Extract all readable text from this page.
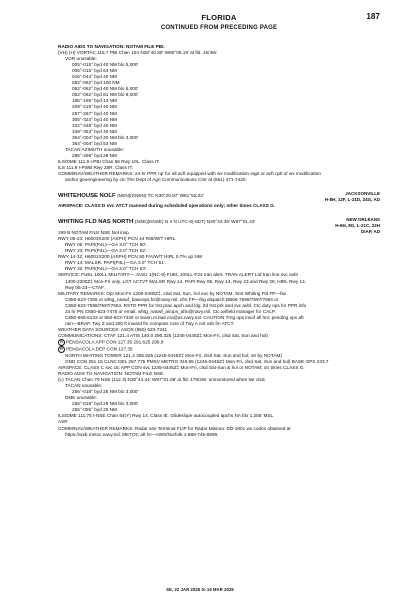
FLORIDA	187
CONTINUED FROM PRECEDING PAGE
RADIO AIDS TO NAVIGATION: NOTAM FILE PBI.
(VH) (H) VORTAC 115.7 PBI Chan 104 N26°40.80' W80°05.19' at fld. 16/3W.
VOR unusable:
005°-015° byd 40 NM blo 5,000'
005°-015° byd 63 NM
016°-044° byd 40 NM
052°-062° byd 100 NM
052°-062° byd 40 NM blo 6,000'
052°-062° byd 81 NM blo 8,000'
185°-195° byd 13 NM
209°-219° byd 40 NM
257°-267° byd 40 NM
305°-324° byd 40 NM
332°-348° byd 40 NM
349°-353° byd 40 NM
354°-004° byd 40 NM blo 3,000'
354°-004° byd 53 NM
TACAN AZIMUTH unusable:
286°-296° byd 28 NM
ILS/DME 111.9 I-PBI Chan 56 Rwy 10L. Class IT.
ILS 111.9 I-PWB Rwy 28R. Class IT.
COMM/NAV/WEATHER REMARKS: 24-hr PPR rqr for all acft equipped with wx modification eqpt or acft cptl of wx modification
and/or geoengineering by ctc The Dept of Agri Communications Cntr at (561) 471-7420.
WHITEHOUSE NOLF (NEN)(KNEN) TC N30°20.97' W81°52.02'	JACKSONVILLE
H-8H, 12F, L-21D, 24G, AD
AIRSPACE: CLASS D svc ATCT manned during scheduled operations only; other times CLASS G.
WHITING FLD NAS NORTH (NSE)(KNSE) N 4 N UTC-6(-5DT) N30°43.35' W87°01.43'	NEW ORLEANS
H-6H, 8G, L-21C, 22H
DIAP, AD
199 B NOTAM FILE NSE Not insp.
RWY 05-23: H6003X200 (ASPH) PCN 44 R/B/W/T HIRL
RWY 05: PAPI(P4L)—GA 3.0° TCH 60'.
RWY 23: PAPI(P4L)—GA 3.0° TCH 52'.
RWY 14-32: H6001X200 (ASPH) PCN 90 F/A/W/T HIRL 0.7% up NW
RWY 14: MALSR. PAPI(P4L)—GA 3.0° TCH 51'.
RWY 32: PAPI(P4L)—GA 3.0° TCH 53'.
SERVICE: FUEL 100LL MILITARY— JASU 1(NC-8) FUEL 100LL-F24 tran alert. TRAN ALERT Ltd tran line svc avbl
1400-2200Z‡ Mon-Fri only. LGT ACTVT MALSR Rwy 14, PAPI Rwy 05, Rwy 14, Rwy 23 and Rwy 28, HIRL Rwy 14,
Rwy 05-23—CTAF.
MILITARY REMARKS: Opr Mon-Fri 1200-0400Z‡, clsd Sat, Sun, hol exc by NOTAM. Smt Whiting Fld FP—fax
C850-623-7356 or whtg_naswf_baseops.fct@navy.mil, cfm FP—fsg dispatch DB68-7598/7597/7654 or
C850-623-7598/7597/7654. RSTD PPR for trst prac apch and ldg. ltd trst prk and svc avbl. Ctc duty ops for PPR info
24 hr PN C850-623-7475 or email: whtg_naswf_airops_afm@navy.mil. Ctc airfield manager for CALP,
C850-665-6133 or 850-623-7329 or leann.m.bair.civ@us.navy.mil. CAUTION Trng ops invof all hrs; pending ops aft
rain—BRAP. Twy Z and 200 ft inward fm compass rose of Twy A not vsb fm ATCT.
WEATHER DATA SOURCES: ASOS (850) 623-7241
COMMUNICATIONS: CTAF 121.4 ATIS 140.0 290.325 (1245-0445Z‡ Mon-Fri, clsd Sat, Sun and hol)
R PENSACOLA APP CON 127.35 291.625 298.9
R PENSACOLA DEP CON 127.35
NORTH WHITING TOWER 121.4 306.925 (1245-0445Z‡ Mon-Fri, clsd Sat, Sun and hol; otr by NOTAM)
GND CON 251.15 CLNC DEL 257.775 PMSV METRO 316.95 (1245-0445Z‡ Mon-Fri, clsd Sat, Sun and hol) BASE OPS 233.7
AIRSPACE: CLASS C svc ctc APP CON svc 1245-0445Z‡ Mon-Fri, clsd Sat-Sun & hol or NOTAM; otr times CLASS G.
RADIO AIDS TO NAVIGATION: NOTAM FILE NSE.
(L) TACAN Chan 70 NSE (112.3) N30°43.44' W87°01.08' at fld. 178/2W. unmonitored when twr clsd.
TACAN unusable:
256°-018° byd 25 NM blo 3,000'
DME unusable:
256°-018° byd 25 NM blo 3,000'
256°-055° byd 25 NM
ILS/DME 111.75 I-NSE Chan 54(Y) Rwy 14. Class IE. Glideslope autocoupled apchs NA blo 1,255' MSL.
ASR
COMM/NAV/WEATHER REMARKS: Radar see Terminal FLIP for Radar Minima. DD-1801 wx codes obtained at
https://wxb.metoc.navy.mil. METOC aft hr—AWS/Norfolk 1-888-745-6899.
SE, 22 JAN 2026 to 19 MAR 2026
